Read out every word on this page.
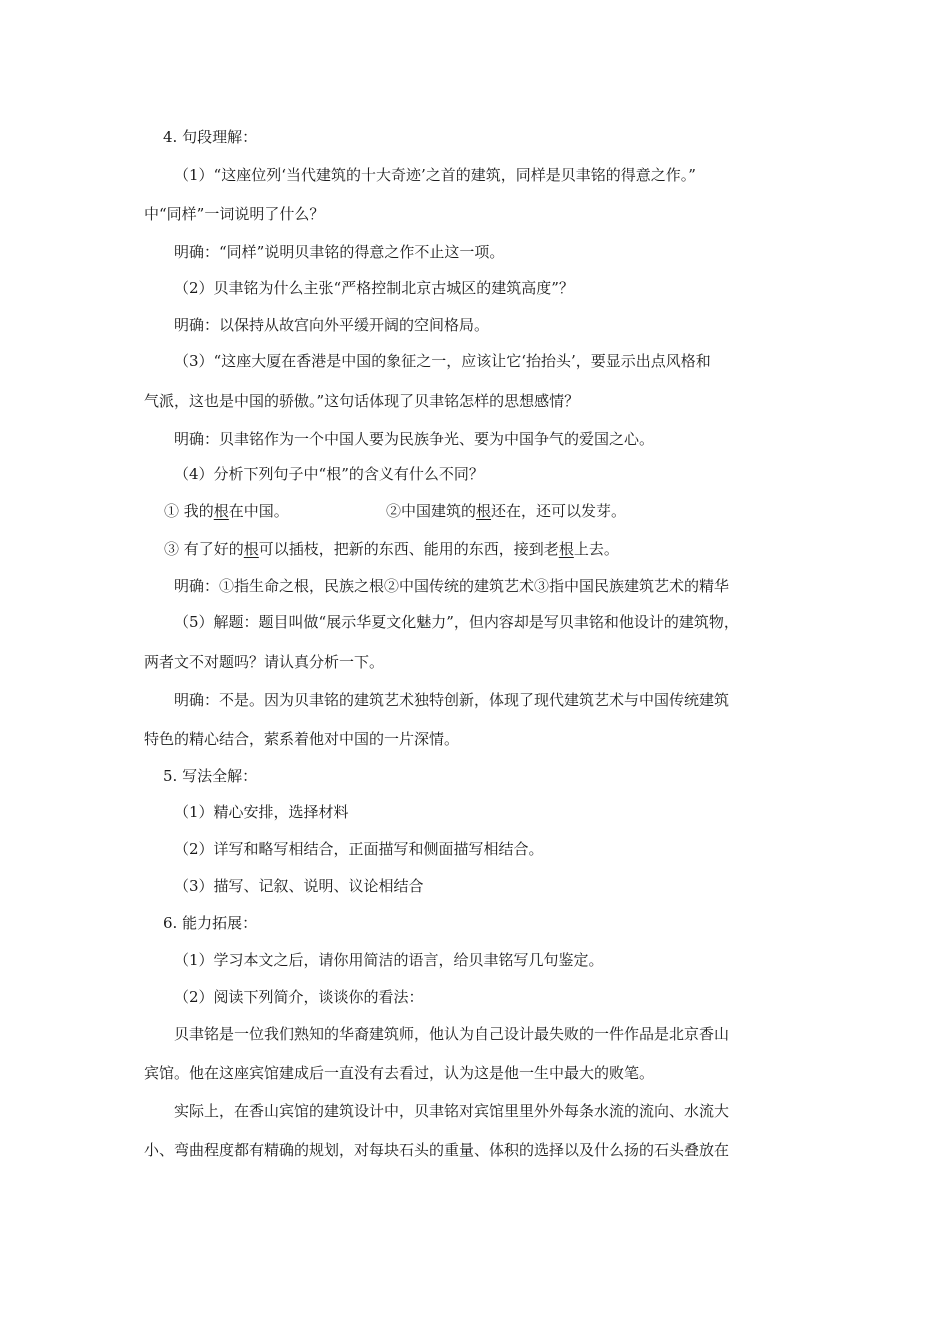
4. 句段理解：
（1）“这座位列‘当代建筑的十大奇迹’之首的建筑，同样是贝聿铭的得意之作。”
中“同样”一词说明了什么？
明确：“同样”说明贝聿铭的得意之作不止这一项。
（2）贝聿铭为什么主张“严格控制北京古城区的建筑高度”？
明确：以保持从故宫向外平缓开阔的空间格局。
（3）“这座大厦在香港是中国的象征之一，应该让它‘抬抬头’，要显示出点风格和
气派，这也是中国的骄傲。”这句话体现了贝聿铭怎样的思想感情？
明确：贝聿铭作为一个中国人要为民族争光、要为中国争气的爱国之心。
（4）分析下列句子中“根”的含义有什么不同？
① 我的根在中国。	②中国建筑的根还在，还可以发芽。
③ 有了好的根可以插枝，把新的东西、能用的东西，接到老根上去。
明确：①指生命之根，民族之根②中国传统的建筑艺术③指中国民族建筑艺术的精华
（5）解题：题目叫做“展示华夏文化魅力”，但内容却是写贝聿铭和他设计的建筑物，
两者文不对题吗？请认真分析一下。
明确：不是。因为贝聿铭的建筑艺术独特创新，体现了现代建筑艺术与中国传统建筑
特色的精心结合，萦系着他对中国的一片深情。
5. 写法全解：
（1）精心安排，选择材料
（2）详写和略写相结合，正面描写和侧面描写相结合。
（3）描写、记叙、说明、议论相结合
6. 能力拓展：
（1）学习本文之后，请你用简洁的语言，给贝聿铭写几句鉴定。
（2）阅读下列简介，谈谈你的看法：
贝聿铭是一位我们熟知的华裔建筑师，他认为自己设计最失败的一件作品是北京香山
宾馆。他在这座宾馆建成后一直没有去看过，认为这是他一生中最大的败笔。
实际上，在香山宾馆的建筑设计中，贝聿铭对宾馆里里外外每条水流的流向、水流大
小、弯曲程度都有精确的规划，对每块石头的重量、体积的选择以及什么扬的石头叠放在
